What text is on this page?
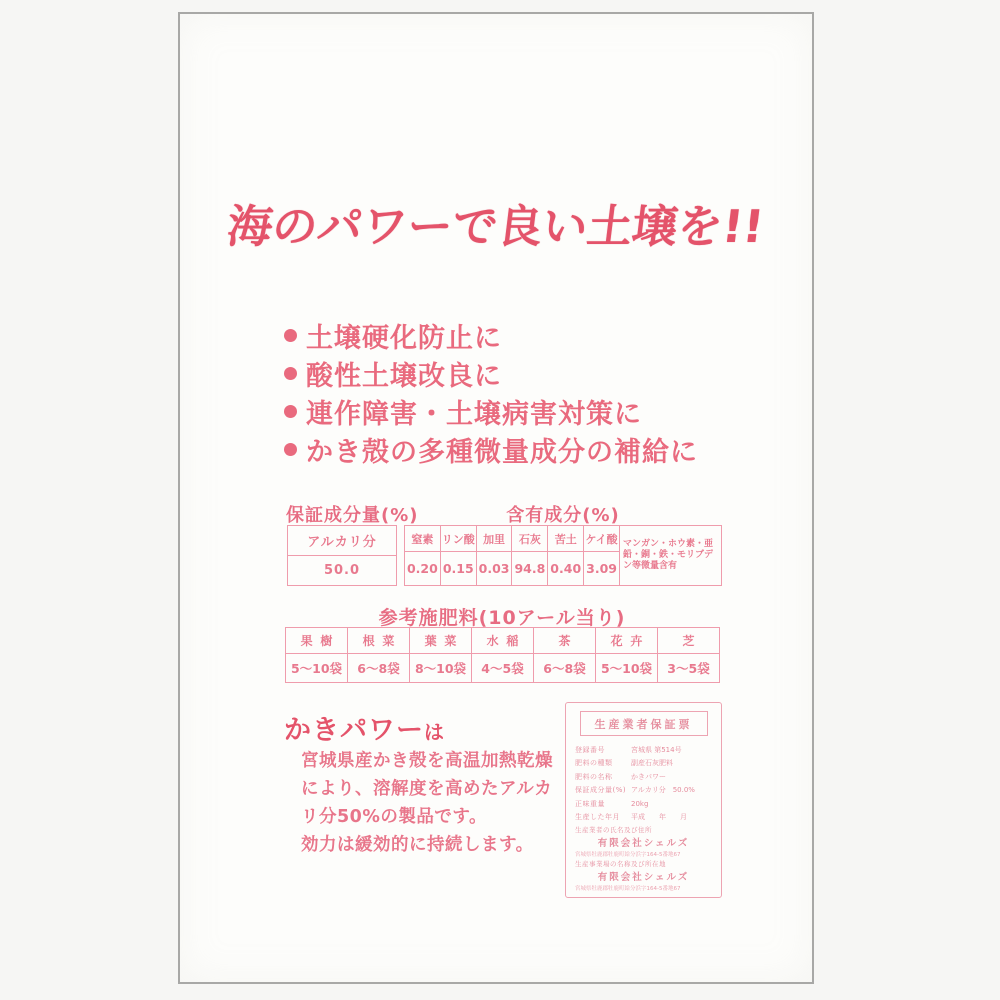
海のパワーで良い土壌を!!
土壌硬化防止に
酸性土壌改良に
連作障害・土壌病害対策に
かき殻の多種微量成分の補給に
保証成分量(%)	含有成分(%)
アルカリ分
50.0
窒素	リン酸	加里	石灰	苦土	ケイ酸	マンガン・ホウ素・亜鉛・銅・鉄・モリブデン等微量含有
0.20	0.15	0.03	94.8	0.40	3.09	
参考施肥料(10アール当り)
果樹	根菜	葉菜	水稲	茶	花卉	芝
5〜10袋	6〜8袋	8〜10袋	4〜5袋	6〜8袋	5〜10袋	3〜5袋
かきパワーは
宮城県産かき殻を高温加熱乾燥
により、溶解度を高めたアルカ
リ分50%の製品です。
効力は緩効的に持続します。
生産業者保証票
登録番号	宮城県 第514号
肥料の種類	副産石灰肥料
肥料の名称	かきパワー
保証成分量(%) アルカリ分　50.0%
正味重量	20kg
生産した年月	平成　　年　　月
生産業者の氏名及び住所
有限会社シェルズ
宮城県牡鹿郡牡鹿町給分浜字164-5番地67
生産事業場の名称及び所在地
有限会社シェルズ
宮城県牡鹿郡牡鹿町給分浜字164-5番地67
